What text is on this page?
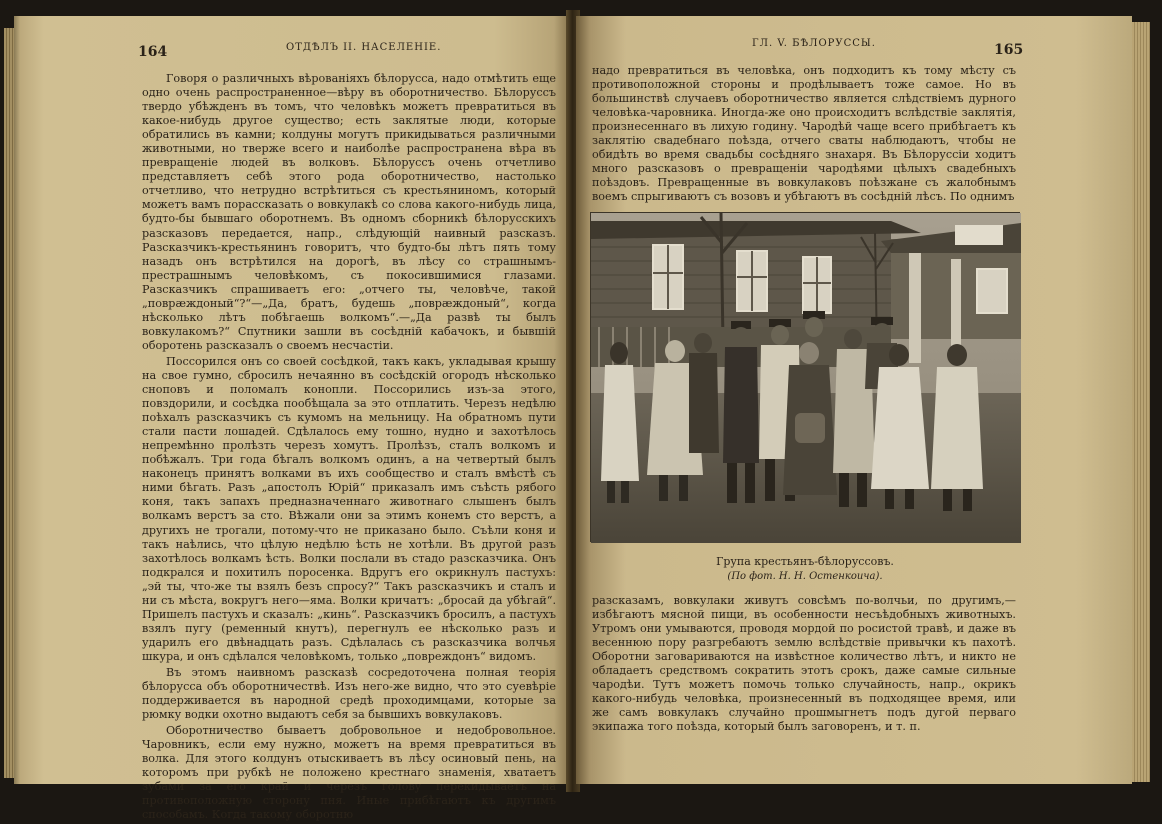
164	ОТДѢЛЪ II. НАСЕЛЕНІЕ.

Говоря о различныхъ вѣрованіяхъ бѣлорусса, надо отмѣтить еще одно очень распространенное—вѣру въ оборотничество. Бѣлоруссъ твердо убѣжденъ въ томъ, что человѣкъ можетъ превратиться въ какое-нибудь другое существо; есть заклятые люди, которые обратились въ камни; колдуны могутъ прикидываться различными животными, но тверже всего и наиболѣе распространена вѣра въ превращеніе людей въ волковъ. Бѣлоруссъ очень отчетливо представляетъ себѣ этого рода оборотничество, настолько отчетливо, что нетрудно встрѣтиться съ крестьяниномъ, который можетъ вамъ порассказать о вовкулакѣ со слова какого-нибудь лица, будто-бы бывшаго оборотнемъ. Въ одномъ сборникѣ бѣлорусскихъ разсказовъ передается, напр., слѣдующій наивный разсказъ. Разсказчикъ-крестьянинъ говоритъ, что будто-бы лѣтъ пять тому назадъ онъ встрѣтился на дорогѣ, въ лѣсу со страшнымъ-престрашнымъ человѣкомъ, съ покосившимися глазами. Разсказчикъ спрашиваетъ его: „отчего ты, человѣче, такой „поврӕждоный“?“—„Да, братъ, будешь „поврӕждоный“, когда нѣсколько лѣтъ побѣгаешь волкомъ“.—„Да развѣ ты былъ вовкулакомъ?“ Спутники зашли въ сосѣдній кабачокъ, и бывшій оборотень разсказалъ о своемъ несчастіи.

Поссорился онъ со своей сосѣдкой, такъ какъ, укладывая крышу на свое гумно, сбросилъ нечаянно въ сосѣдскій огородъ нѣсколько сноповъ и поломалъ конопли. Поссорились изъ-за этого, повздорили, и сосѣдка пообѣщала за это отплатить. Черезъ недѣлю поѣхалъ разсказчикъ съ кумомъ на мельницу. На обратномъ пути стали пасти лошадей. Сдѣлалось ему тошно, нудно и захотѣлось непремѣнно пролѣзть черезъ хомутъ. Пролѣзъ, сталъ волкомъ и побѣжалъ. Три года бѣгалъ волкомъ одинъ, а на четвертый былъ наконецъ принятъ волками въ ихъ сообщество и сталъ вмѣстѣ съ ними бѣгать. Разъ „апостолъ Юрій“ приказалъ имъ съѣсть рябого коня, такъ запахъ предназначеннаго животнаго слышенъ былъ волкамъ верстъ за сто. Вѣжали они за этимъ конемъ сто верстъ, а другихъ не трогали, потому-что не приказано было. Съѣли коня и такъ наѣлись, что цѣлую недѣлю ѣсть не хотѣли. Въ другой разъ захотѣлось волкамъ ѣсть. Волки послали въ стадо разсказчика. Онъ подкрался и похитилъ поросенка. Вдругъ его окрикнулъ пастухъ: „эй ты, что-же ты взялъ безъ спросу?“ Такъ разсказчикъ и сталъ и ни съ мѣста, вокругъ него—яма. Волки кричатъ: „бросай да убѣгай“. Пришелъ пастухъ и сказалъ: „кинь“. Разсказчикъ бросилъ, а пастухъ взялъ пугу (ременный кнутъ), перегнулъ ее нѣсколько разъ и ударилъ его двѣнадцать разъ. Сдѣлалась съ разсказчика волчья шкура, и онъ сдѣлался человѣкомъ, только „повреждонъ“ видомъ.

Въ этомъ наивномъ разсказѣ сосредоточена полная теорія бѣлорусса объ оборотничествѣ. Изъ него-же видно, что это суевѣріе поддерживается въ народной средѣ проходимцами, которые за рюмку водки охотно выдаютъ себя за бывшихъ вовкулаковъ.

Оборотничество бываетъ добровольное и недобровольное. Чаровникъ, если ему нужно, можетъ на время превратиться въ волка. Для этого колдунъ отыскиваетъ въ лѣсу осиновый пень, на которомъ при рубкѣ не положено крестнаго знаменія, хватаетъ зубами за его край и черезъ голову перекидываетъ на противоположную сторону пня. Иные прибѣгаютъ къ другимъ способамъ. Когда такому оборотню

ГЛ. V. БѢЛОРУССЫ.	165

надо превратиться въ человѣка, онъ подходитъ къ тому мѣсту съ противоположной стороны и продѣлываетъ тоже самое. Но въ большинствѣ случаевъ оборотничество является слѣдствіемъ дурного человѣка-чаровника. Иногда-же оно происходитъ вслѣдствіе заклятія, произнесеннаго въ лихую годину. Чародѣй чаще всего прибѣгаетъ къ заклятію свадебнаго поѣзда, отчего сваты наблюдаютъ, чтобы не обидѣть во время свадьбы сосѣдняго знахаря. Въ Бѣлоруссіи ходитъ много разсказовъ о превращеніи чародѣями цѣлыхъ свадебныхъ поѣздовъ. Превращенные въ вовкулаковъ поѣзжане съ жалобнымъ воемъ спрыгиваютъ съ возовъ и убѣгаютъ въ сосѣдній лѣсъ. По однимъ

Група крестьянъ-бѣлоруссовъ.
(По фот. Н. Н. Остенкоича).

разсказамъ, вовкулаки живутъ совсѣмъ по-волчьи, по другимъ,—избѣгаютъ мясной пищи, въ особенности несъѣдобныхъ животныхъ. Утромъ они умываются, проводя мордой по росистой травѣ, и даже въ весеннюю пору разгребаютъ землю вслѣдствіе привычки къ пахотѣ. Оборотни заговариваются на извѣстное количество лѣтъ, и никто не обладаетъ средствомъ сократить этотъ срокъ, даже самые сильные чародѣи. Тутъ можетъ помочь только случайность, напр., окрикъ какого-нибудь человѣка, произнесенный въ подходящее время, или же самъ вовкулакъ случайно прошмыгнетъ подъ дугой перваго экипажа того поѣзда, который былъ заговоренъ, и т. п.
